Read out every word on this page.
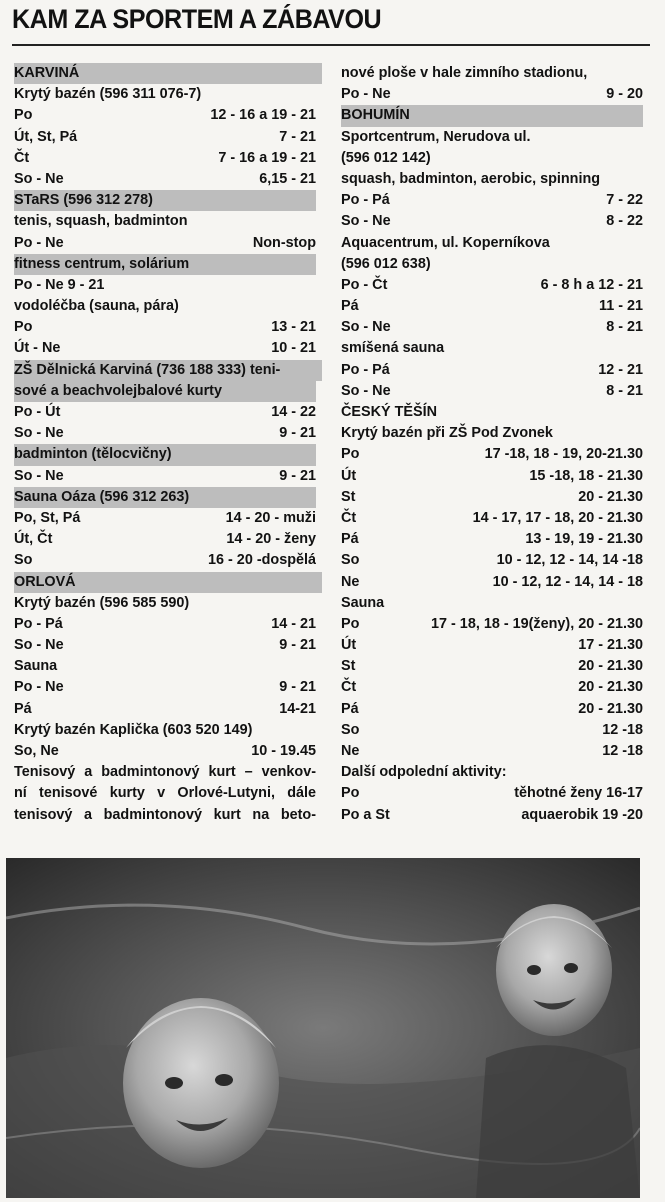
KAM ZA SPORTEM A ZÁBAVOU
KARVINÁ
Krytý bazén (596 311 076-7)
Po	12 - 16 a 19 - 21
Út, St, Pá	7 - 21
Čt	7 - 16 a 19 - 21
So - Ne	6,15 - 21
STaRS (596 312 278)
tenis, squash, badminton
Po - Ne	Non-stop
fitness centrum, solárium
Po - Ne 9 - 21
vodoléčba (sauna, pára)
Po	13 - 21
Út - Ne	10 - 21
ZŠ Dělnická Karviná (736 188 333) teni-
sové a beachvolejbalové kurty
Po - Út	14 - 22
So - Ne	9 - 21
badminton (tělocvičny)
So - Ne	9 - 21
Sauna Oáza (596 312 263)
Po, St, Pá	14 - 20 - muži
Út, Čt	14 - 20 - ženy
So	16 - 20 -dospělá
ORLOVÁ
Krytý bazén (596 585 590)
Po - Pá	14 - 21
So - Ne	9 - 21
Sauna
Po - Ne	9 - 21
Pá	14-21
Krytý bazén Kaplička (603 520 149)
So, Ne	10 - 19.45
Tenisový a badmintonový kurt – venkov-
ní tenisové kurty v Orlové-Lutyni, dále
tenisový a badmintonový kurt na beto-
nové ploše v hale zimního stadionu,
Po - Ne	9 - 20
BOHUMÍN
Sportcentrum, Nerudova ul.
(596 012 142)
squash, badminton, aerobic, spinning
Po - Pá	7 - 22
So - Ne	8 - 22
Aquacentrum, ul. Koperníkova
(596 012 638)
Po - Čt	6 - 8 h a 12 - 21
Pá	11 - 21
So - Ne	8 - 21
smíšená sauna
Po - Pá	12 - 21
So - Ne	8 - 21
ČESKÝ TĚŠÍN
Krytý bazén při ZŠ Pod Zvonek
Po	17 -18, 18 - 19, 20-21.30
Út	15 -18, 18 - 21.30
St	20 - 21.30
Čt	14 - 17, 17 - 18, 20 - 21.30
Pá	13 - 19, 19 - 21.30
So	10 - 12, 12 - 14, 14 -18
Ne	10 - 12, 12 - 14, 14 - 18
Sauna
Po	17 - 18, 18 - 19(ženy), 20 - 21.30
Út	17 - 21.30
St	20 - 21.30
Čt	20 - 21.30
Pá	20 - 21.30
So	12 -18
Ne	12 -18
Další odpolední aktivity:
Po	těhotné ženy 16-17
Po a St	aquaerobik 19 -20
